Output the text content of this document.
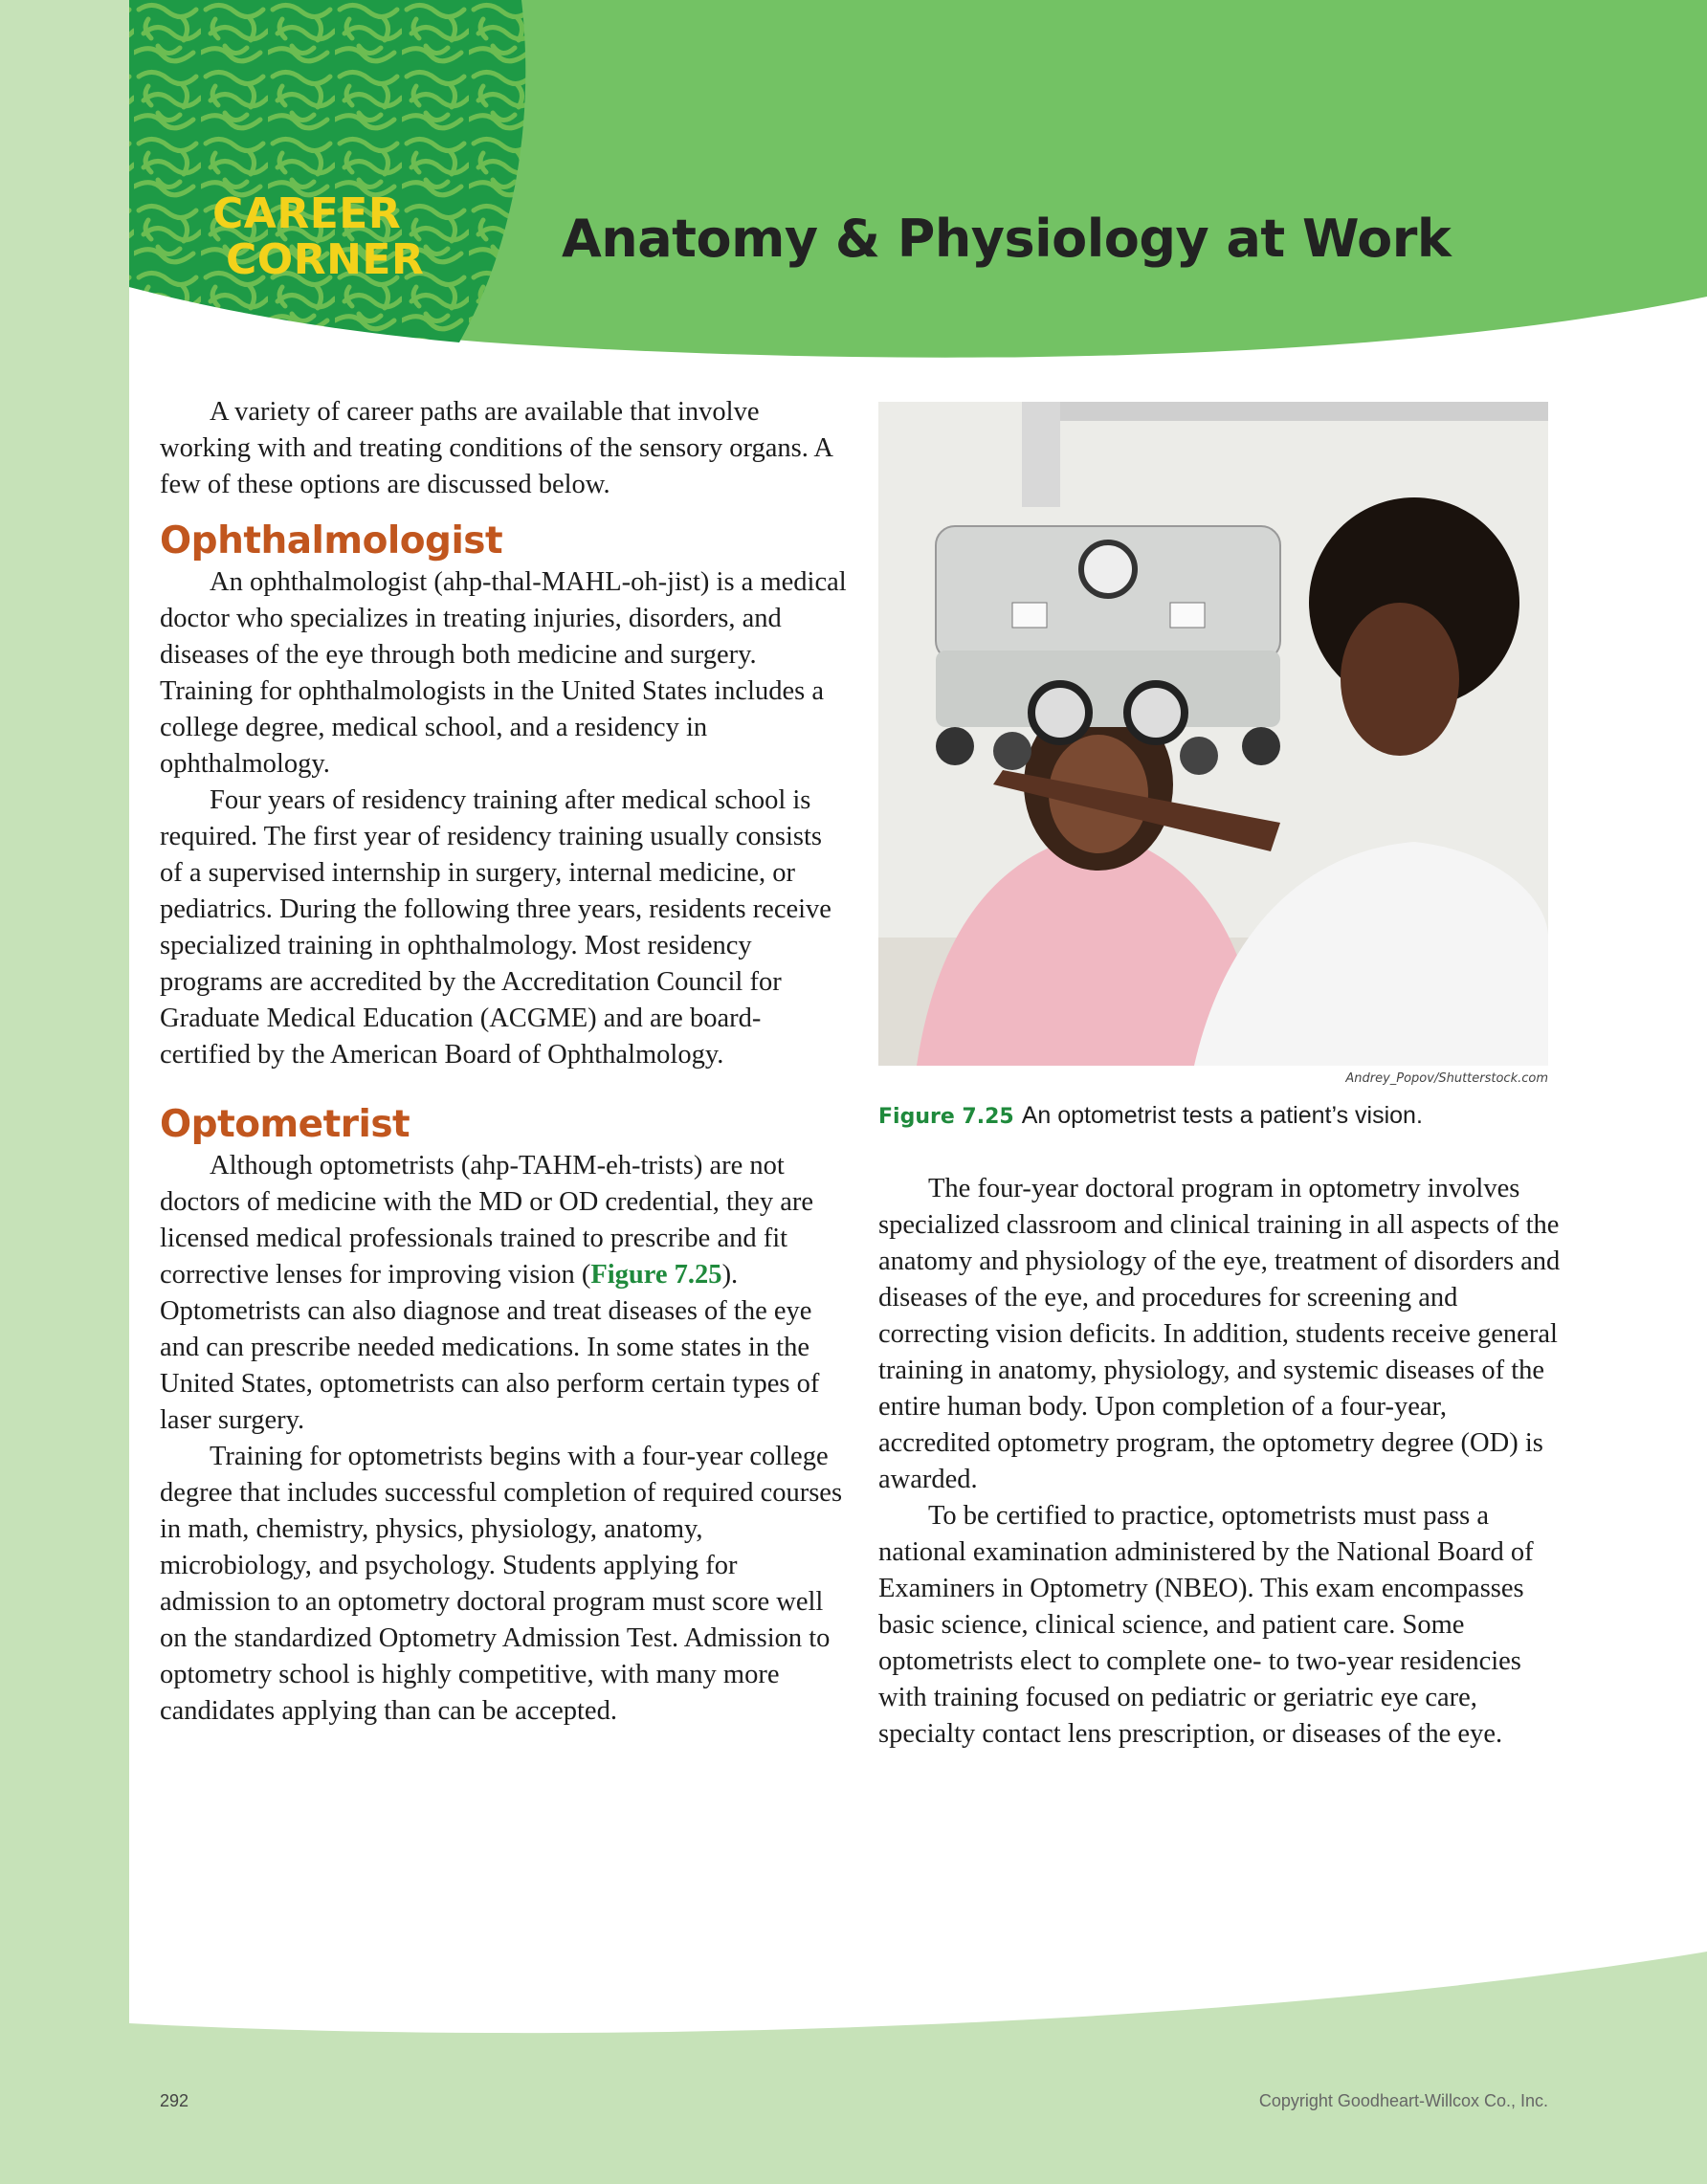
CAREER
CORNER	Anatomy & Physiology at Work

A variety of career paths are available that involve working with and treating conditions of the sensory organs. A few of these options are discussed below.

Ophthalmologist

An ophthalmologist (ahp-thal-MAHL-oh-jist) is a medical doctor who specializes in treating injuries, disorders, and diseases of the eye through both medicine and surgery. Training for ophthalmologists in the United States includes a college degree, medical school, and a residency in ophthalmology.

Four years of residency training after medical school is required. The first year of residency training usually consists of a supervised internship in surgery, internal medicine, or pediatrics. During the following three years, residents receive specialized training in ophthalmology. Most residency programs are accredited by the Accreditation Council for Graduate Medical Education (ACGME) and are board-certified by the American Board of Ophthalmology.

Optometrist

Although optometrists (ahp-TAHM-eh-trists) are not doctors of medicine with the MD or OD credential, they are licensed medical professionals trained to prescribe and fit corrective lenses for improving vision (Figure 7.25). Optometrists can also diagnose and treat diseases of the eye and can prescribe needed medications. In some states in the United States, optometrists can also perform certain types of laser surgery.

Training for optometrists begins with a four-year college degree that includes successful completion of required courses in math, chemistry, physics, physiology, anatomy, microbiology, and psychology. Students applying for admission to an optometry doctoral program must score well on the standardized Optometry Admission Test. Admission to optometry school is highly competitive, with many more candidates applying than can be accepted.

Andrey_Popov/Shutterstock.com
Figure 7.25 An optometrist tests a patient’s vision.

The four-year doctoral program in optometry involves specialized classroom and clinical training in all aspects of the anatomy and physiology of the eye, treatment of disorders and diseases of the eye, and procedures for screening and correcting vision deficits. In addition, students receive general training in anatomy, physiology, and systemic diseases of the entire human body. Upon completion of a four-year, accredited optometry program, the optometry degree (OD) is awarded.

To be certified to practice, optometrists must pass a national examination administered by the National Board of Examiners in Optometry (NBEO). This exam encompasses basic science, clinical science, and patient care. Some optometrists elect to complete one- to two-year residencies with training focused on pediatric or geriatric eye care, specialty contact lens prescription, or diseases of the eye.

292	Copyright Goodheart-Willcox Co., Inc.
